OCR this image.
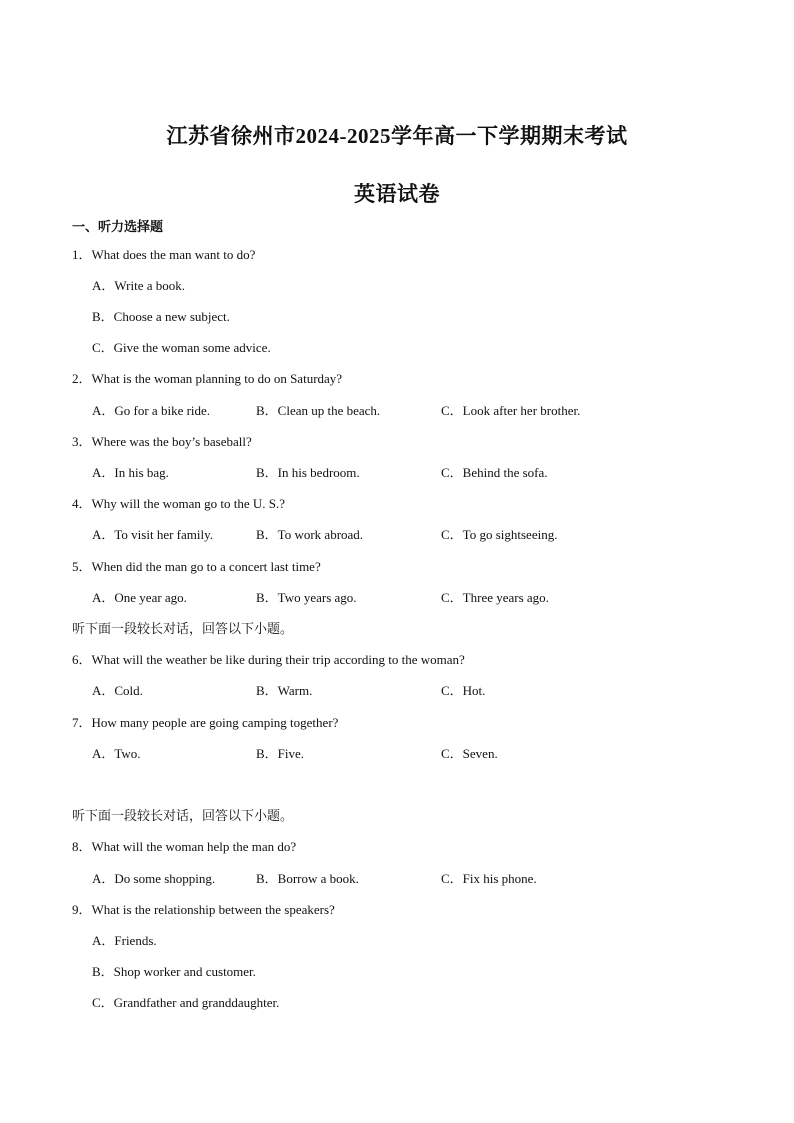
江苏省徐州市2024-2025学年高一下学期期末考试
英语试卷
一、听力选择题
1．What does the man want to do?
A．Write a book.
B．Choose a new subject.
C．Give the woman some advice.
2．What is the woman planning to do on Saturday?
A．Go for a bike ride.	B．Clean up the beach.	C．Look after her brother.
3．Where was the boy’s baseball?
A．In his bag.	B．In his bedroom.	C．Behind the sofa.
4．Why will the woman go to the U. S.?
A．To visit her family.	B．To work abroad.	C．To go sightseeing.
5．When did the man go to a concert last time?
A．One year ago.	B．Two years ago.	C．Three years ago.
听下面一段较长对话，回答以下小题。
6．What will the weather be like during their trip according to the woman?
A．Cold.	B．Warm.	C．Hot.
7．How many people are going camping together?
A．Two.	B．Five.	C．Seven.
听下面一段较长对话，回答以下小题。
8．What will the woman help the man do?
A．Do some shopping.	B．Borrow a book.	C．Fix his phone.
9．What is the relationship between the speakers?
A．Friends.
B．Shop worker and customer.
C．Grandfather and granddaughter.
